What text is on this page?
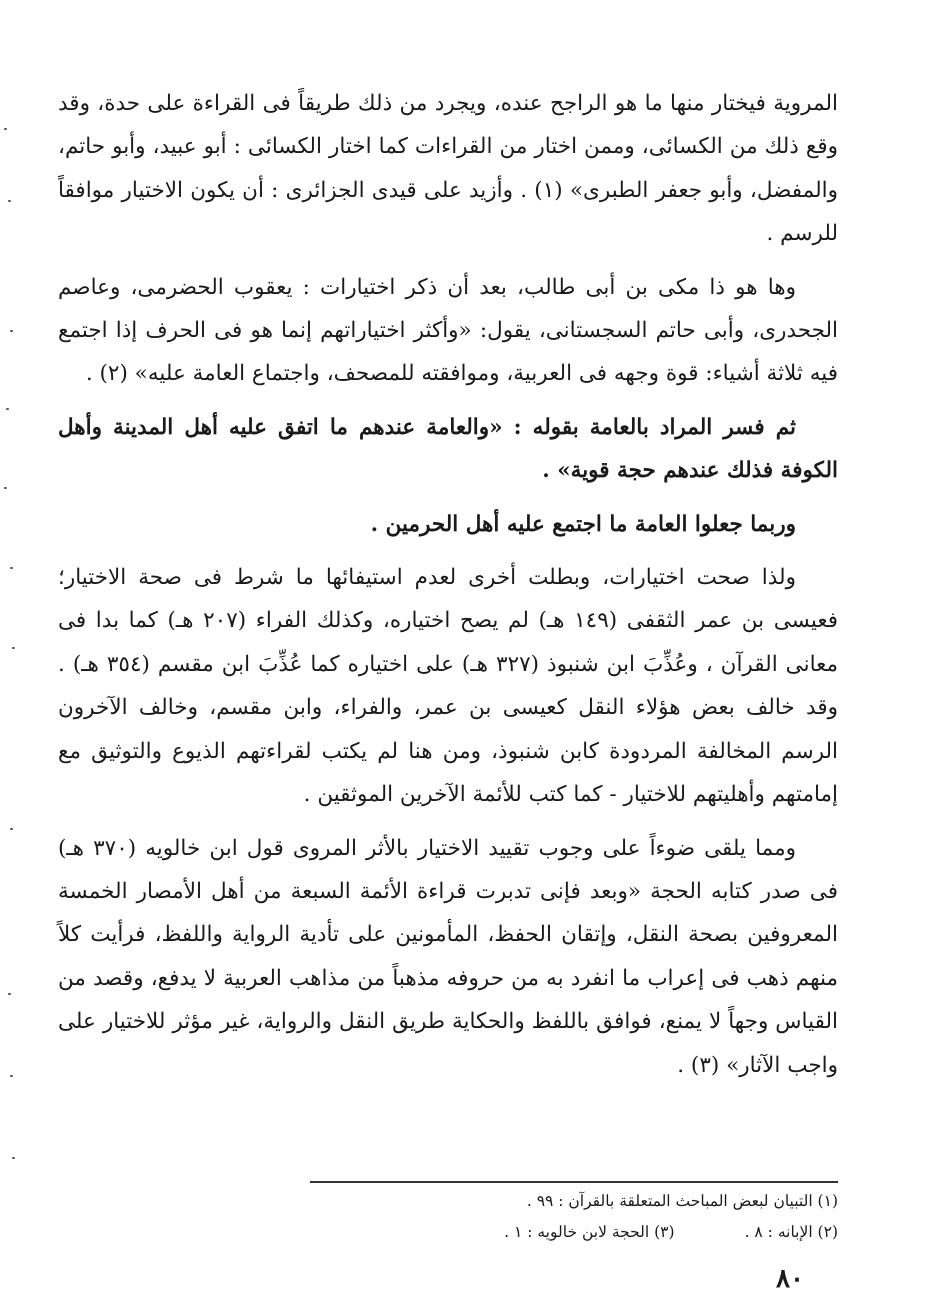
المروية فيختار منها ما هو الراجح عنده، ويجرد من ذلك طريقاً فى القراءة على حدة، وقد وقع ذلك من الكسائى، وممن اختار من القراءات كما اختار الكسائى : أبو عبيد، وأبو حاتم، والمفضل، وأبو جعفر الطبرى» (١) . وأزيد على قيدى الجزائرى : أن يكون الاختيار موافقاً للرسم .

وها هو ذا مكى بن أبى طالب، بعد أن ذكر اختيارات : يعقوب الحضرمى، وعاصم الجحدرى، وأبى حاتم السجستانى، يقول: «وأكثر اختياراتهم إنما هو فى الحرف إذا اجتمع فيه ثلاثة أشياء: قوة وجهه فى العربية، وموافقته للمصحف، واجتماع العامة عليه» (٢) .

ثم فسر المراد بالعامة بقوله : «والعامة عندهم ما اتفق عليه أهل المدينة وأهل الكوفة فذلك عندهم حجة قوية» .

وربما جعلوا العامة ما اجتمع عليه أهل الحرمين .

ولذا صحت اختيارات، وبطلت أخرى لعدم استيفائها ما شرط فى صحة الاختيار؛ فعيسى بن عمر الثقفى (١٤٩ هـ) لم يصح اختياره، وكذلك الفراء (٢٠٧ هـ) كما بدا فى معانى القرآن ، وعُذِّبَ ابن شنبوذ (٣٢٧ هـ) على اختياره كما عُذِّبَ ابن مقسم (٣٥٤ هـ) . وقد خالف بعض هؤلاء النقل كعيسى بن عمر، والفراء، وابن مقسم، وخالف الآخرون الرسم المخالفة المردودة كابن شنبوذ، ومن هنا لم يكتب لقراءتهم الذيوع والتوثيق مع إمامتهم وأهليتهم للاختيار - كما كتب للأئمة الآخرين الموثقين .

ومما يلقى ضوءاً على وجوب تقييد الاختيار بالأثر المروى قول ابن خالويه (٣٧٠ هـ) فى صدر كتابه الحجة «وبعد فإنى تدبرت قراءة الأئمة السبعة من أهل الأمصار الخمسة المعروفين بصحة النقل، وإتقان الحفظ، المأمونين على تأدية الرواية واللفظ، فرأيت كلاً منهم ذهب فى إعراب ما انفرد به من حروفه مذهباً من مذاهب العربية لا يدفع، وقصد من القياس وجهاً لا يمنع، فوافق باللفظ والحكاية طريق النقل والرواية، غير مؤثر للاختيار على واجب الآثار» (٣) .

(١) التبيان لبعض المباحث المتعلقة بالقرآن : ٩٩ .
(٢) الإبانه : ٨ .
(٣) الحجة لابن خالويه : ١ .
٨٠
